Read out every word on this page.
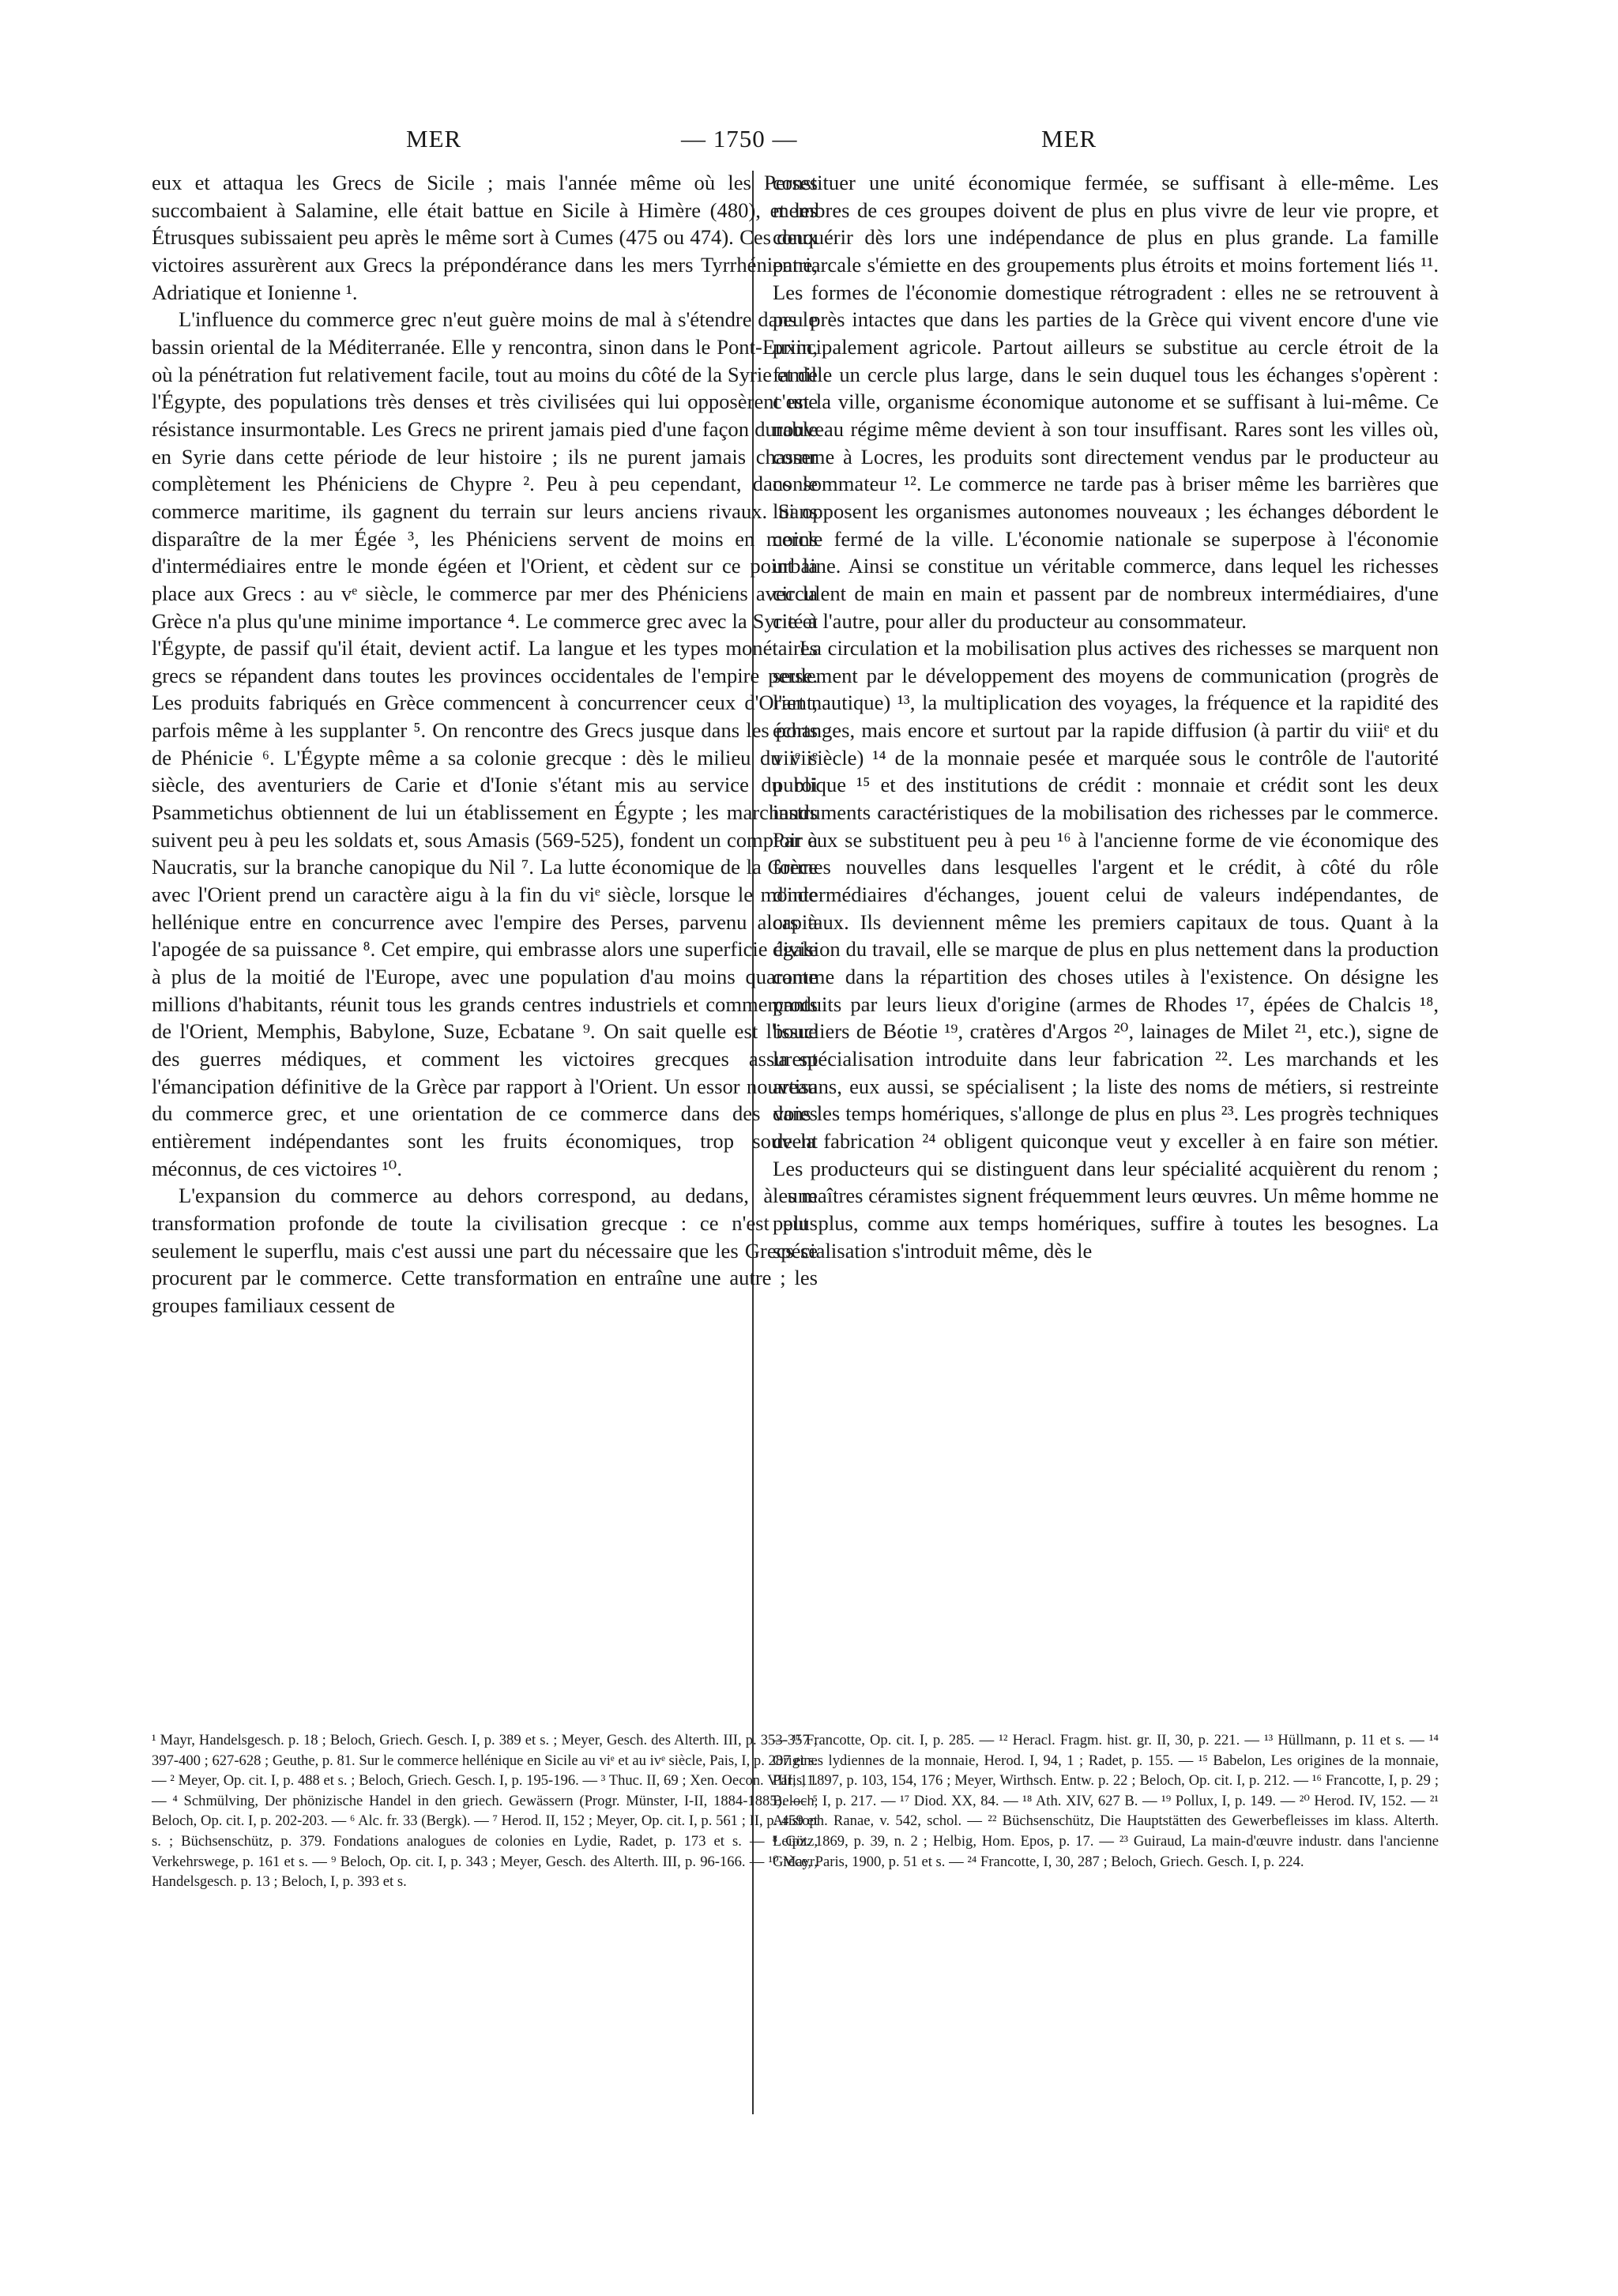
MER	— 1750 —	MER

eux et attaqua les Grecs de Sicile ; mais l'année même où les Perses succombaient à Salamine, elle était battue en Sicile à Himère (480), et les Étrusques subissaient peu après le même sort à Cumes (475 ou 474). Ces deux victoires assurèrent aux Grecs la prépondérance dans les mers Tyrrhénienne, Adriatique et Ionienne ¹.

L'influence du commerce grec n'eut guère moins de mal à s'étendre dans le bassin oriental de la Méditerranée. Elle y rencontra, sinon dans le Pont-Euxin, où la pénétration fut relativement facile, tout au moins du côté de la Syrie et de l'Égypte, des populations très denses et très civilisées qui lui opposèrent une résistance insurmontable. Les Grecs ne prirent jamais pied d'une façon durable en Syrie dans cette période de leur histoire ; ils ne purent jamais chasser complètement les Phéniciens de Chypre ². Peu à peu cependant, dans le commerce maritime, ils gagnent du terrain sur leurs anciens rivaux. Sans disparaître de la mer Égée ³, les Phéniciens servent de moins en moins d'intermédiaires entre le monde égéen et l'Orient, et cèdent sur ce point la place aux Grecs : au vᵉ siècle, le commerce par mer des Phéniciens avec la Grèce n'a plus qu'une minime importance ⁴. Le commerce grec avec la Syrie et l'Égypte, de passif qu'il était, devient actif. La langue et les types monétaires grecs se répandent dans toutes les provinces occidentales de l'empire perse. Les produits fabriqués en Grèce commencent à concurrencer ceux d'Orient, parfois même à les supplanter ⁵. On rencontre des Grecs jusque dans les ports de Phénicie ⁶. L'Égypte même a sa colonie grecque : dès le milieu du viiᵉ siècle, des aventuriers de Carie et d'Ionie s'étant mis au service du roi Psammetichus obtiennent de lui un établissement en Égypte ; les marchands suivent peu à peu les soldats et, sous Amasis (569-525), fondent un comptoir à Naucratis, sur la branche canopique du Nil ⁷. La lutte économique de la Grèce avec l'Orient prend un caractère aigu à la fin du viᵉ siècle, lorsque le monde hellénique entre en concurrence avec l'empire des Perses, parvenu alors à l'apogée de sa puissance ⁸. Cet empire, qui embrasse alors une superficie égale à plus de la moitié de l'Europe, avec une population d'au moins quarante millions d'habitants, réunit tous les grands centres industriels et commerçants de l'Orient, Memphis, Babylone, Suze, Ecbatane ⁹. On sait quelle est l'issue des guerres médiques, et comment les victoires grecques assurent l'émancipation définitive de la Grèce par rapport à l'Orient. Un essor nouveau du commerce grec, et une orientation de ce commerce dans des voies entièrement indépendantes sont les fruits économiques, trop souvent méconnus, de ces victoires ¹⁰.

L'expansion du commerce au dehors correspond, au dedans, à une transformation profonde de toute la civilisation grecque : ce n'est plus seulement le superflu, mais c'est aussi une part du nécessaire que les Grecs se procurent par le commerce. Cette transformation en entraîne une autre ; les groupes familiaux cessent de

constituer une unité économique fermée, se suffisant à elle-même. Les membres de ces groupes doivent de plus en plus vivre de leur vie propre, et conquérir dès lors une indépendance de plus en plus grande. La famille patriarcale s'émiette en des groupements plus étroits et moins fortement liés ¹¹. Les formes de l'économie domestique rétrogradent : elles ne se retrouvent à peu près intactes que dans les parties de la Grèce qui vivent encore d'une vie principalement agricole. Partout ailleurs se substitue au cercle étroit de la famille un cercle plus large, dans le sein duquel tous les échanges s'opèrent : c'est la ville, organisme économique autonome et se suffisant à lui-même. Ce nouveau régime même devient à son tour insuffisant. Rares sont les villes où, comme à Locres, les produits sont directement vendus par le producteur au consommateur ¹². Le commerce ne tarde pas à briser même les barrières que lui opposent les organismes autonomes nouveaux ; les échanges débordent le cercle fermé de la ville. L'économie nationale se superpose à l'économie urbaine. Ainsi se constitue un véritable commerce, dans lequel les richesses circulent de main en main et passent par de nombreux intermédiaires, d'une cité à l'autre, pour aller du producteur au consommateur.

La circulation et la mobilisation plus actives des richesses se marquent non seulement par le développement des moyens de communication (progrès de l'art nautique) ¹³, la multiplication des voyages, la fréquence et la rapidité des échanges, mais encore et surtout par la rapide diffusion (à partir du viiiᵉ et du viiᵉ siècle) ¹⁴ de la monnaie pesée et marquée sous le contrôle de l'autorité publique ¹⁵ et des institutions de crédit : monnaie et crédit sont les deux instruments caractéristiques de la mobilisation des richesses par le commerce. Par eux se substituent peu à peu ¹⁶ à l'ancienne forme de vie économique des formes nouvelles dans lesquelles l'argent et le crédit, à côté du rôle d'intermédiaires d'échanges, jouent celui de valeurs indépendantes, de capitaux. Ils deviennent même les premiers capitaux de tous. Quant à la division du travail, elle se marque de plus en plus nettement dans la production comme dans la répartition des choses utiles à l'existence. On désigne les produits par leurs lieux d'origine (armes de Rhodes ¹⁷, épées de Chalcis ¹⁸, boucliers de Béotie ¹⁹, cratères d'Argos ²⁰, lainages de Milet ²¹, etc.), signe de la spécialisation introduite dans leur fabrication ²². Les marchands et les artisans, eux aussi, se spécialisent ; la liste des noms de métiers, si restreinte dans les temps homériques, s'allonge de plus en plus ²³. Les progrès techniques de la fabrication ²⁴ obligent quiconque veut y exceller à en faire son métier. Les producteurs qui se distinguent dans leur spécialité acquièrent du renom ; les maîtres céramistes signent fréquemment leurs œuvres. Un même homme ne peut plus, comme aux temps homériques, suffire à toutes les besognes. La spécialisation s'introduit même, dès le

¹ Mayr, Handelsgesch. p. 18 ; Beloch, Griech. Gesch. I, p. 389 et s. ; Meyer, Gesch. des Alterth. III, p. 353-357 ; 397-400 ; 627-628 ; Geuthe, p. 81. Sur le commerce hellénique en Sicile au viᵉ et au ivᵉ siècle, Pais, I, p. 287 et s. — ² Meyer, Op. cit. I, p. 488 et s. ; Beloch, Griech. Gesch. I, p. 195-196. — ³ Thuc. II, 69 ; Xen. Oecon. VIII, 11. — ⁴ Schmülving, Der phönizische Handel in den griech. Gewässern (Progr. Münster, I-II, 1884-1885). — ⁵ Beloch, Op. cit. I, p. 202-203. — ⁶ Alc. fr. 33 (Bergk). — ⁷ Herod. II, 152 ; Meyer, Op. cit. I, p. 561 ; II, p. 459 et s. ; Büchsenschütz, p. 379. Fondations analogues de colonies en Lydie, Radet, p. 173 et s. — ⁸ Götz, Verkehrswege, p. 161 et s. — ⁹ Beloch, Op. cit. I, p. 343 ; Meyer, Gesch. des Alterth. III, p. 96-166. — ¹⁰ Mayr, Handelsgesch. p. 13 ; Beloch, I, p. 393 et s.

— ¹¹ Francotte, Op. cit. I, p. 285. — ¹² Heracl. Fragm. hist. gr. II, 30, p. 221. — ¹³ Hüllmann, p. 11 et s. — ¹⁴ Origines lydiennes de la monnaie, Herod. I, 94, 1 ; Radet, p. 155. — ¹⁵ Babelon, Les origines de la monnaie, Paris, 1897, p. 103, 154, 176 ; Meyer, Wirthsch. Entw. p. 22 ; Beloch, Op. cit. I, p. 212. — ¹⁶ Francotte, I, p. 29 ; Beloch, I, p. 217. — ¹⁷ Diod. XX, 84. — ¹⁸ Ath. XIV, 627 B. — ¹⁹ Pollux, I, p. 149. — ²⁰ Herod. IV, 152. — ²¹ Aristoph. Ranae, v. 542, schol. — ²² Büchsenschütz, Die Hauptstätten des Gewerbefleisses im klass. Alterth. Leipz. 1869, p. 39, n. 2 ; Helbig, Hom. Epos, p. 17. — ²³ Guiraud, La main-d'œuvre industr. dans l'ancienne Grèce, Paris, 1900, p. 51 et s. — ²⁴ Francotte, I, 30, 287 ; Beloch, Griech. Gesch. I, p. 224.
